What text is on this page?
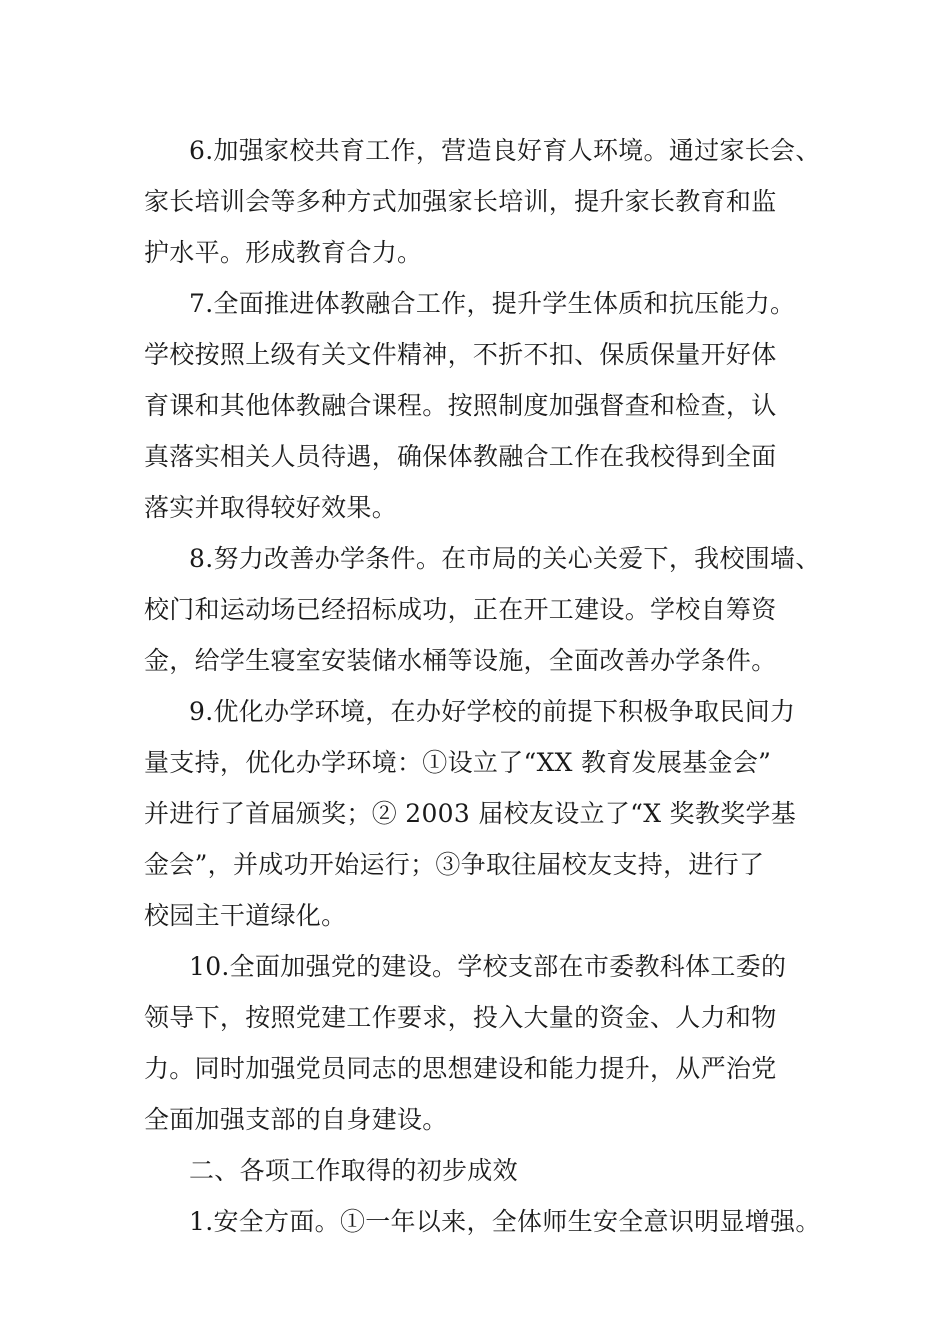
6.加强家校共育工作，营造良好育人环境。通过家长会、
家长培训会等多种方式加强家长培训，提升家长教育和监
护水平。形成教育合力。
7.全面推进体教融合工作，提升学生体质和抗压能力。
学校按照上级有关文件精神，不折不扣、保质保量开好体
育课和其他体教融合课程。按照制度加强督查和检查，认
真落实相关人员待遇，确保体教融合工作在我校得到全面
落实并取得较好效果。
8.努力改善办学条件。在市局的关心关爱下，我校围墙、
校门和运动场已经招标成功，正在开工建设。学校自筹资
金，给学生寝室安装储水桶等设施，全面改善办学条件。
9.优化办学环境，在办好学校的前提下积极争取民间力
量支持，优化办学环境：①设立了“XX 教育发展基金会”
并进行了首届颁奖；② 2003 届校友设立了“X 奖教奖学基
金会”，并成功开始运行；③争取往届校友支持，进行了
校园主干道绿化。
10.全面加强党的建设。学校支部在市委教科体工委的
领导下，按照党建工作要求，投入大量的资金、人力和物
力。同时加强党员同志的思想建设和能力提升，从严治党
全面加强支部的自身建设。
二、各项工作取得的初步成效
1.安全方面。①一年以来，全体师生安全意识明显增强。
